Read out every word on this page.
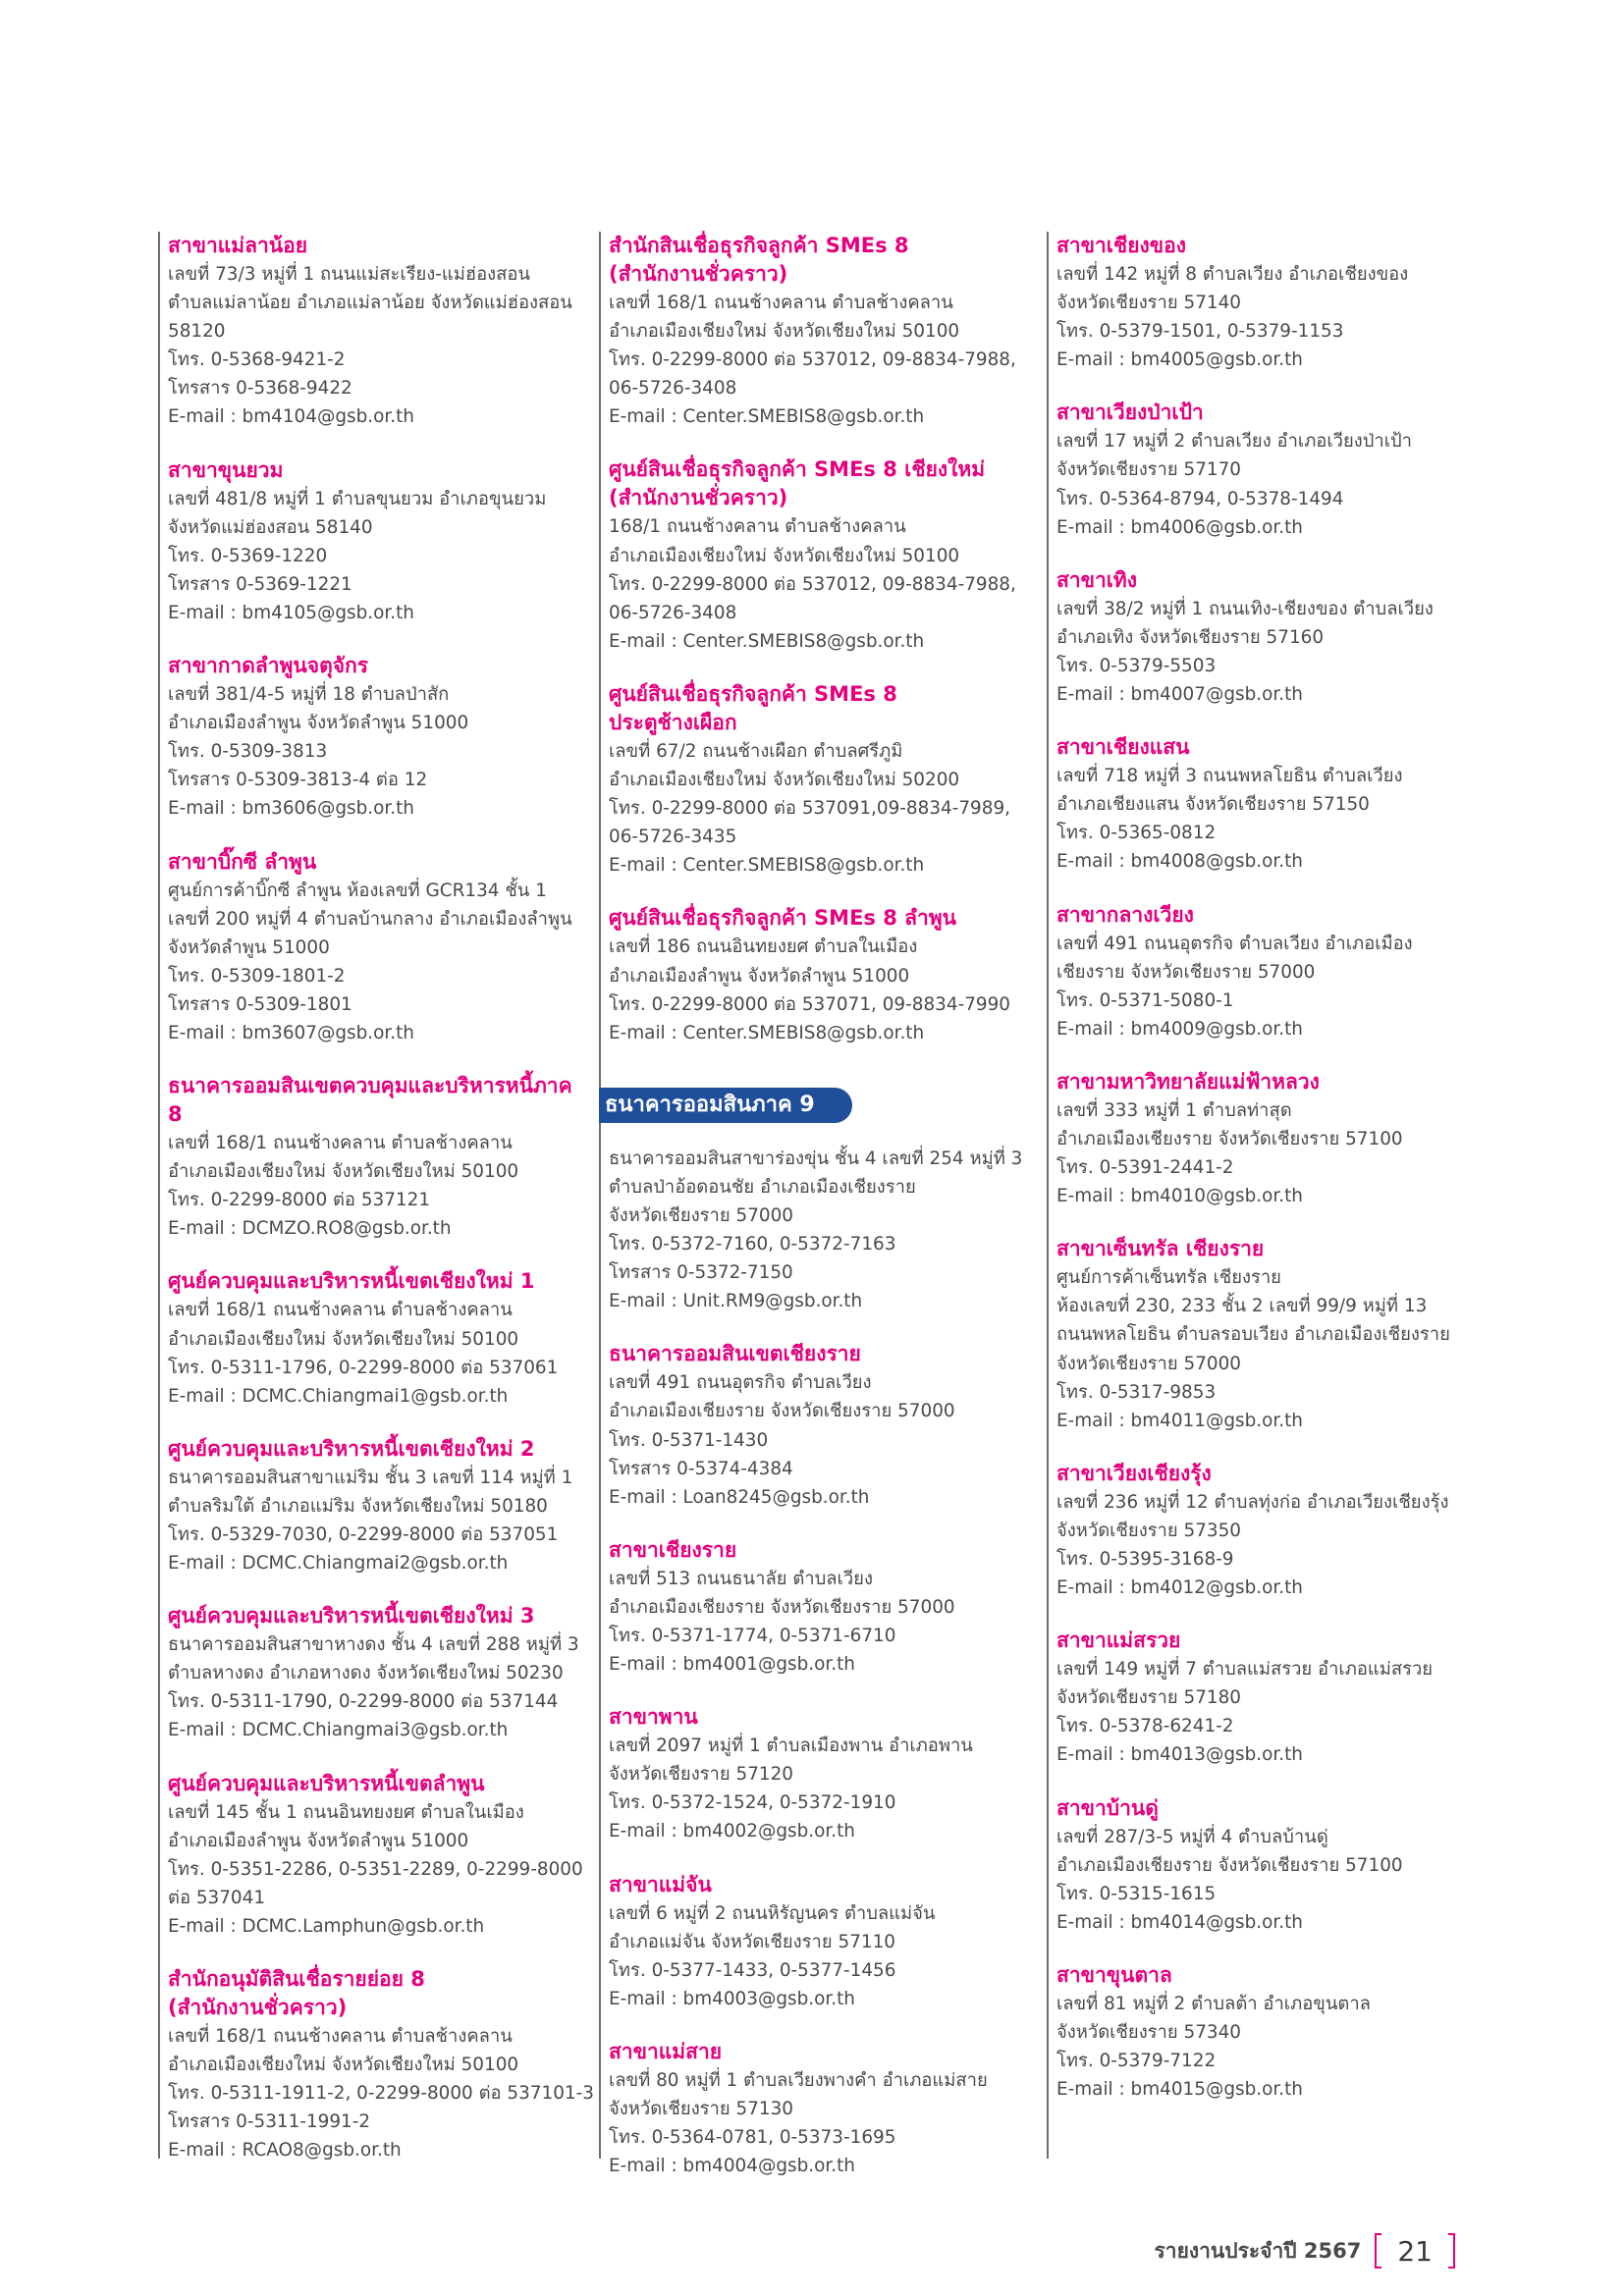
สาขาแม่ลาน้อย
เลขที่ 73/3 หมู่ที่ 1 ถนนแม่สะเรียง-แม่ฮ่องสอน
ตำบลแม่ลาน้อย อำเภอแม่ลาน้อย จังหวัดแม่ฮ่องสอน
58120
โทร. 0-5368-9421-2
โทรสาร 0-5368-9422
E-mail : bm4104@gsb.or.th
สาขาขุนยวม
เลขที่ 481/8 หมู่ที่ 1 ตำบลขุนยวม อำเภอขุนยวม
จังหวัดแม่ฮ่องสอน 58140
โทร. 0-5369-1220
โทรสาร 0-5369-1221
E-mail : bm4105@gsb.or.th
สาขากาดลำพูนจตุจักร
เลขที่ 381/4-5 หมู่ที่ 18 ตำบลป่าสัก
อำเภอเมืองลำพูน จังหวัดลำพูน 51000
โทร. 0-5309-3813
โทรสาร 0-5309-3813-4 ต่อ 12
E-mail : bm3606@gsb.or.th
สาขาบิ๊กซี ลำพูน
ศูนย์การค้าบิ๊กซี ลำพูน ห้องเลขที่ GCR134 ชั้น 1
เลขที่ 200 หมู่ที่ 4 ตำบลบ้านกลาง อำเภอเมืองลำพูน
จังหวัดลำพูน 51000
โทร. 0-5309-1801-2
โทรสาร 0-5309-1801
E-mail : bm3607@gsb.or.th
ธนาคารออมสินเขตควบคุมและบริหารหนี้ภาค 8
เลขที่ 168/1 ถนนช้างคลาน ตำบลช้างคลาน
อำเภอเมืองเชียงใหม่ จังหวัดเชียงใหม่ 50100
โทร. 0-2299-8000 ต่อ 537121
E-mail : DCMZO.RO8@gsb.or.th
ศูนย์ควบคุมและบริหารหนี้เขตเชียงใหม่ 1
เลขที่ 168/1 ถนนช้างคลาน ตำบลช้างคลาน
อำเภอเมืองเชียงใหม่ จังหวัดเชียงใหม่ 50100
โทร. 0-5311-1796, 0-2299-8000 ต่อ 537061
E-mail : DCMC.Chiangmai1@gsb.or.th
ศูนย์ควบคุมและบริหารหนี้เขตเชียงใหม่ 2
ธนาคารออมสินสาขาแม่ริม ชั้น 3 เลขที่ 114 หมู่ที่ 1
ตำบลริมใต้ อำเภอแม่ริม จังหวัดเชียงใหม่ 50180
โทร. 0-5329-7030, 0-2299-8000 ต่อ 537051
E-mail : DCMC.Chiangmai2@gsb.or.th
ศูนย์ควบคุมและบริหารหนี้เขตเชียงใหม่ 3
ธนาคารออมสินสาขาหางดง ชั้น 4 เลขที่ 288 หมู่ที่ 3
ตำบลหางดง อำเภอหางดง จังหวัดเชียงใหม่ 50230
โทร. 0-5311-1790, 0-2299-8000 ต่อ 537144
E-mail : DCMC.Chiangmai3@gsb.or.th
ศูนย์ควบคุมและบริหารหนี้เขตลำพูน
เลขที่ 145 ชั้น 1 ถนนอินทยงยศ ตำบลในเมือง
อำเภอเมืองลำพูน จังหวัดลำพูน 51000
โทร. 0-5351-2286, 0-5351-2289, 0-2299-8000
ต่อ 537041
E-mail : DCMC.Lamphun@gsb.or.th
สำนักอนุมัติสินเชื่อรายย่อย 8
(สำนักงานชั่วคราว)
เลขที่ 168/1 ถนนช้างคลาน ตำบลช้างคลาน
อำเภอเมืองเชียงใหม่ จังหวัดเชียงใหม่ 50100
โทร. 0-5311-1911-2, 0-2299-8000 ต่อ 537101-3
โทรสาร 0-5311-1991-2
E-mail : RCAO8@gsb.or.th
สำนักสินเชื่อธุรกิจลูกค้า SMEs 8
(สำนักงานชั่วคราว)
เลขที่ 168/1 ถนนช้างคลาน ตำบลช้างคลาน
อำเภอเมืองเชียงใหม่ จังหวัดเชียงใหม่ 50100
โทร. 0-2299-8000 ต่อ 537012, 09-8834-7988,
06-5726-3408
E-mail : Center.SMEBIS8@gsb.or.th
ศูนย์สินเชื่อธุรกิจลูกค้า SMEs 8 เชียงใหม่
(สำนักงานชั่วคราว)
168/1 ถนนช้างคลาน ตำบลช้างคลาน
อำเภอเมืองเชียงใหม่ จังหวัดเชียงใหม่ 50100
โทร. 0-2299-8000 ต่อ 537012, 09-8834-7988,
06-5726-3408
E-mail : Center.SMEBIS8@gsb.or.th
ศูนย์สินเชื่อธุรกิจลูกค้า SMEs 8
ประตูช้างเผือก
เลขที่ 67/2 ถนนช้างเผือก ตำบลศรีภูมิ
อำเภอเมืองเชียงใหม่ จังหวัดเชียงใหม่ 50200
โทร. 0-2299-8000 ต่อ 537091,09-8834-7989,
06-5726-3435
E-mail : Center.SMEBIS8@gsb.or.th
ศูนย์สินเชื่อธุรกิจลูกค้า SMEs 8 ลำพูน
เลขที่ 186 ถนนอินทยงยศ ตำบลในเมือง
อำเภอเมืองลำพูน จังหวัดลำพูน 51000
โทร. 0-2299-8000 ต่อ 537071, 09-8834-7990
E-mail : Center.SMEBIS8@gsb.or.th
ธนาคารออมสินภาค 9
ธนาคารออมสินสาขาร่องขุ่น ชั้น 4 เลขที่ 254 หมู่ที่ 3
ตำบลป่าอ้อดอนชัย อำเภอเมืองเชียงราย
จังหวัดเชียงราย 57000
โทร. 0-5372-7160, 0-5372-7163
โทรสาร 0-5372-7150
E-mail : Unit.RM9@gsb.or.th
ธนาคารออมสินเขตเชียงราย
เลขที่ 491 ถนนอุตรกิจ ตำบลเวียง
อำเภอเมืองเชียงราย จังหวัดเชียงราย 57000
โทร. 0-5371-1430
โทรสาร 0-5374-4384
E-mail : Loan8245@gsb.or.th
สาขาเชียงราย
เลขที่ 513 ถนนธนาลัย ตำบลเวียง
อำเภอเมืองเชียงราย จังหวัดเชียงราย 57000
โทร. 0-5371-1774, 0-5371-6710
E-mail : bm4001@gsb.or.th
สาขาพาน
เลขที่ 2097 หมู่ที่ 1 ตำบลเมืองพาน อำเภอพาน
จังหวัดเชียงราย 57120
โทร. 0-5372-1524, 0-5372-1910
E-mail : bm4002@gsb.or.th
สาขาแม่จัน
เลขที่ 6 หมู่ที่ 2 ถนนหิรัญนคร ตำบลแม่จัน
อำเภอแม่จัน จังหวัดเชียงราย 57110
โทร. 0-5377-1433, 0-5377-1456
E-mail : bm4003@gsb.or.th
สาขาแม่สาย
เลขที่ 80 หมู่ที่ 1 ตำบลเวียงพางคำ อำเภอแม่สาย
จังหวัดเชียงราย 57130
โทร. 0-5364-0781, 0-5373-1695
E-mail : bm4004@gsb.or.th
สาขาเชียงของ
เลขที่ 142 หมู่ที่ 8 ตำบลเวียง อำเภอเชียงของ
จังหวัดเชียงราย 57140
โทร. 0-5379-1501, 0-5379-1153
E-mail : bm4005@gsb.or.th
สาขาเวียงป่าเป้า
เลขที่ 17 หมู่ที่ 2 ตำบลเวียง อำเภอเวียงป่าเป้า
จังหวัดเชียงราย 57170
โทร. 0-5364-8794, 0-5378-1494
E-mail : bm4006@gsb.or.th
สาขาเทิง
เลขที่ 38/2 หมู่ที่ 1 ถนนเทิง-เชียงของ ตำบลเวียง
อำเภอเทิง จังหวัดเชียงราย 57160
โทร. 0-5379-5503
E-mail : bm4007@gsb.or.th
สาขาเชียงแสน
เลขที่ 718 หมู่ที่ 3 ถนนพหลโยธิน ตำบลเวียง
อำเภอเชียงแสน จังหวัดเชียงราย 57150
โทร. 0-5365-0812
E-mail : bm4008@gsb.or.th
สาขากลางเวียง
เลขที่ 491 ถนนอุตรกิจ ตำบลเวียง อำเภอเมือง
เชียงราย จังหวัดเชียงราย 57000
โทร. 0-5371-5080-1
E-mail : bm4009@gsb.or.th
สาขามหาวิทยาลัยแม่ฟ้าหลวง
เลขที่ 333 หมู่ที่ 1 ตำบลท่าสุด
อำเภอเมืองเชียงราย จังหวัดเชียงราย 57100
โทร. 0-5391-2441-2
E-mail : bm4010@gsb.or.th
สาขาเซ็นทรัล เชียงราย
ศูนย์การค้าเซ็นทรัล เชียงราย
ห้องเลขที่ 230, 233 ชั้น 2 เลขที่ 99/9 หมู่ที่ 13
ถนนพหลโยธิน ตำบลรอบเวียง อำเภอเมืองเชียงราย
จังหวัดเชียงราย 57000
โทร. 0-5317-9853
E-mail : bm4011@gsb.or.th
สาขาเวียงเชียงรุ้ง
เลขที่ 236 หมู่ที่ 12 ตำบลทุ่งก่อ อำเภอเวียงเชียงรุ้ง
จังหวัดเชียงราย 57350
โทร. 0-5395-3168-9
E-mail : bm4012@gsb.or.th
สาขาแม่สรวย
เลขที่ 149 หมู่ที่ 7 ตำบลแม่สรวย อำเภอแม่สรวย
จังหวัดเชียงราย 57180
โทร. 0-5378-6241-2
E-mail : bm4013@gsb.or.th
สาขาบ้านดู่
เลขที่ 287/3-5 หมู่ที่ 4 ตำบลบ้านดู่
อำเภอเมืองเชียงราย จังหวัดเชียงราย 57100
โทร. 0-5315-1615
E-mail : bm4014@gsb.or.th
สาขาขุนตาล
เลขที่ 81 หมู่ที่ 2 ตำบลต้า อำเภอขุนตาล
จังหวัดเชียงราย 57340
โทร. 0-5379-7122
E-mail : bm4015@gsb.or.th
รายงานประจำปี 2567	21
